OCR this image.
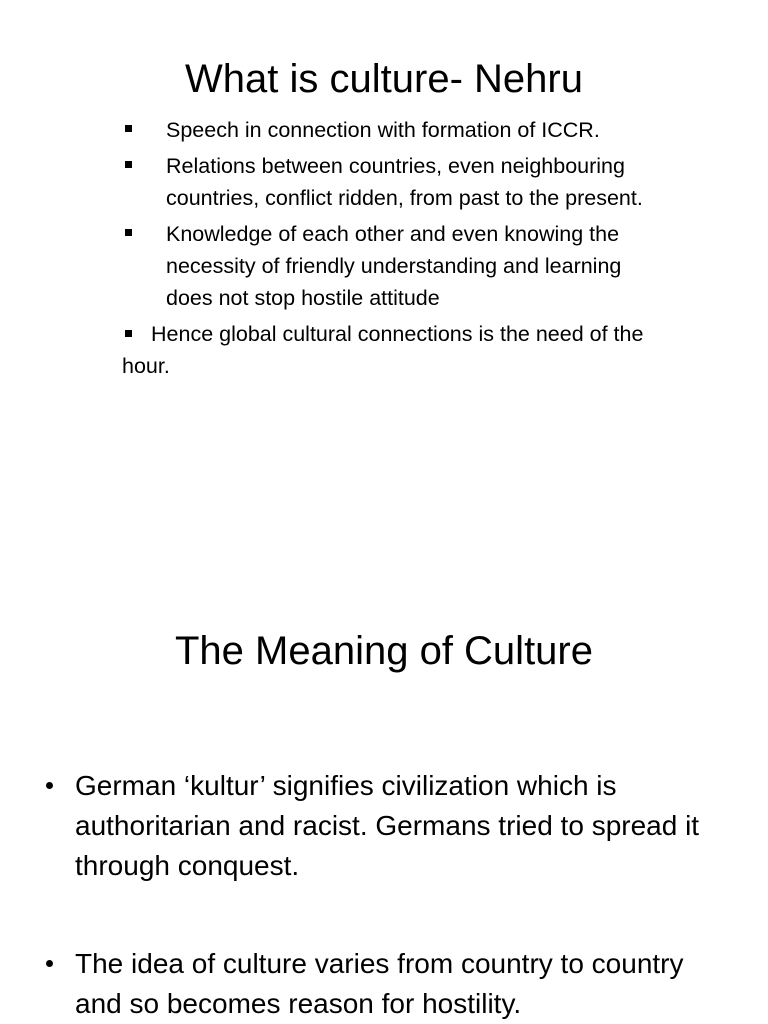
What is culture- Nehru
Speech in connection with formation of ICCR.
Relations between countries, even neighbouring countries, conflict ridden, from past to the present.
Knowledge of each other and even knowing the necessity of friendly understanding and learning does not stop hostile attitude
Hence global cultural connections is the need of the hour.
The Meaning of Culture
German ‘kultur’ signifies civilization which is authoritarian and racist. Germans tried to spread it through conquest.
The idea of culture varies from country to country and so becomes reason for hostility.
